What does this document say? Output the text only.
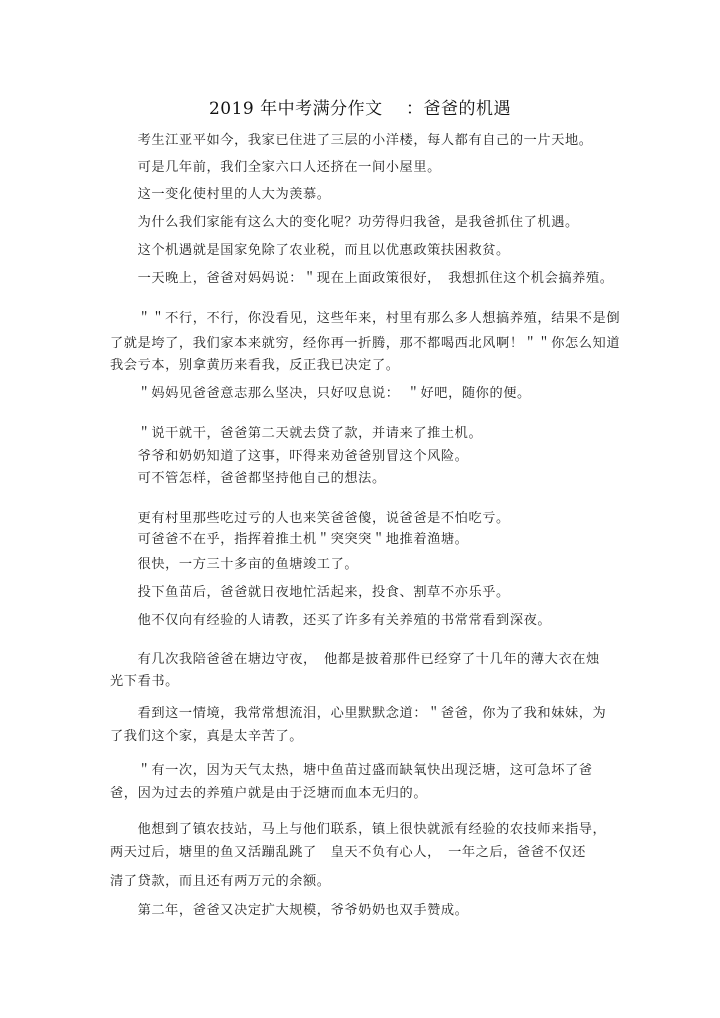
2019 年中考满分作文　 ：爸爸的机遇
　　考生江亚平如今，我家已住进了三层的小洋楼，每人都有自己的一片天地。
　　可是几年前，我们全家六口人还挤在一间小屋里。
　　这一变化使村里的人大为羡慕。
　　为什么我们家能有这么大的变化呢？功劳得归我爸，是我爸抓住了机遇。
　　这个机遇就是国家免除了农业税，而且以优惠政策扶困救贫。
　　一天晚上，爸爸对妈妈说：＂现在上面政策很好，　我想抓住这个机会搞养殖。
　　＂＂不行，不行，你没看见，这些年来，村里有那么多人想搞养殖，结果不是倒
了就是垮了，我们家本来就穷，经你再一折腾，那不都喝西北风啊！＂＂你怎么知道
我会亏本，别拿黄历来看我，反正我已决定了。
　　＂妈妈见爸爸意志那么坚决，只好叹息说：　＂好吧，随你的便。
　　＂说干就干，爸爸第二天就去贷了款，并请来了推土机。
　　爷爷和奶奶知道了这事，吓得来劝爸爸别冒这个风险。
　　可不管怎样，爸爸都坚持他自己的想法。
　　更有村里那些吃过亏的人也来笑爸爸傻，说爸爸是不怕吃亏。
　　可爸爸不在乎，指挥着推土机＂突突突＂地推着渔塘。
　　很快，一方三十多亩的鱼塘竣工了。
　　投下鱼苗后，爸爸就日夜地忙活起来，投食、割草不亦乐乎。
　　他不仅向有经验的人请教，还买了许多有关养殖的书常常看到深夜。
　　有几次我陪爸爸在塘边守夜，　他都是披着那件已经穿了十几年的薄大衣在烛
光下看书。
　　看到这一情境，我常常想流泪，心里默默念道：＂爸爸，你为了我和妹妹，为
了我们这个家，真是太辛苦了。
　　＂有一次，因为天气太热，塘中鱼苗过盛而缺氧快出现泛塘，这可急坏了爸
爸，因为过去的养殖户就是由于泛塘而血本无归的。
　　他想到了镇农技站，马上与他们联系，镇上很快就派有经验的农技师来指导，
两天过后，塘里的鱼又活蹦乱跳了　皇天不负有心人，　一年之后，爸爸不仅还
清了贷款，而且还有两万元的余额。
　　第二年，爸爸又决定扩大规模，爷爷奶奶也双手赞成。
